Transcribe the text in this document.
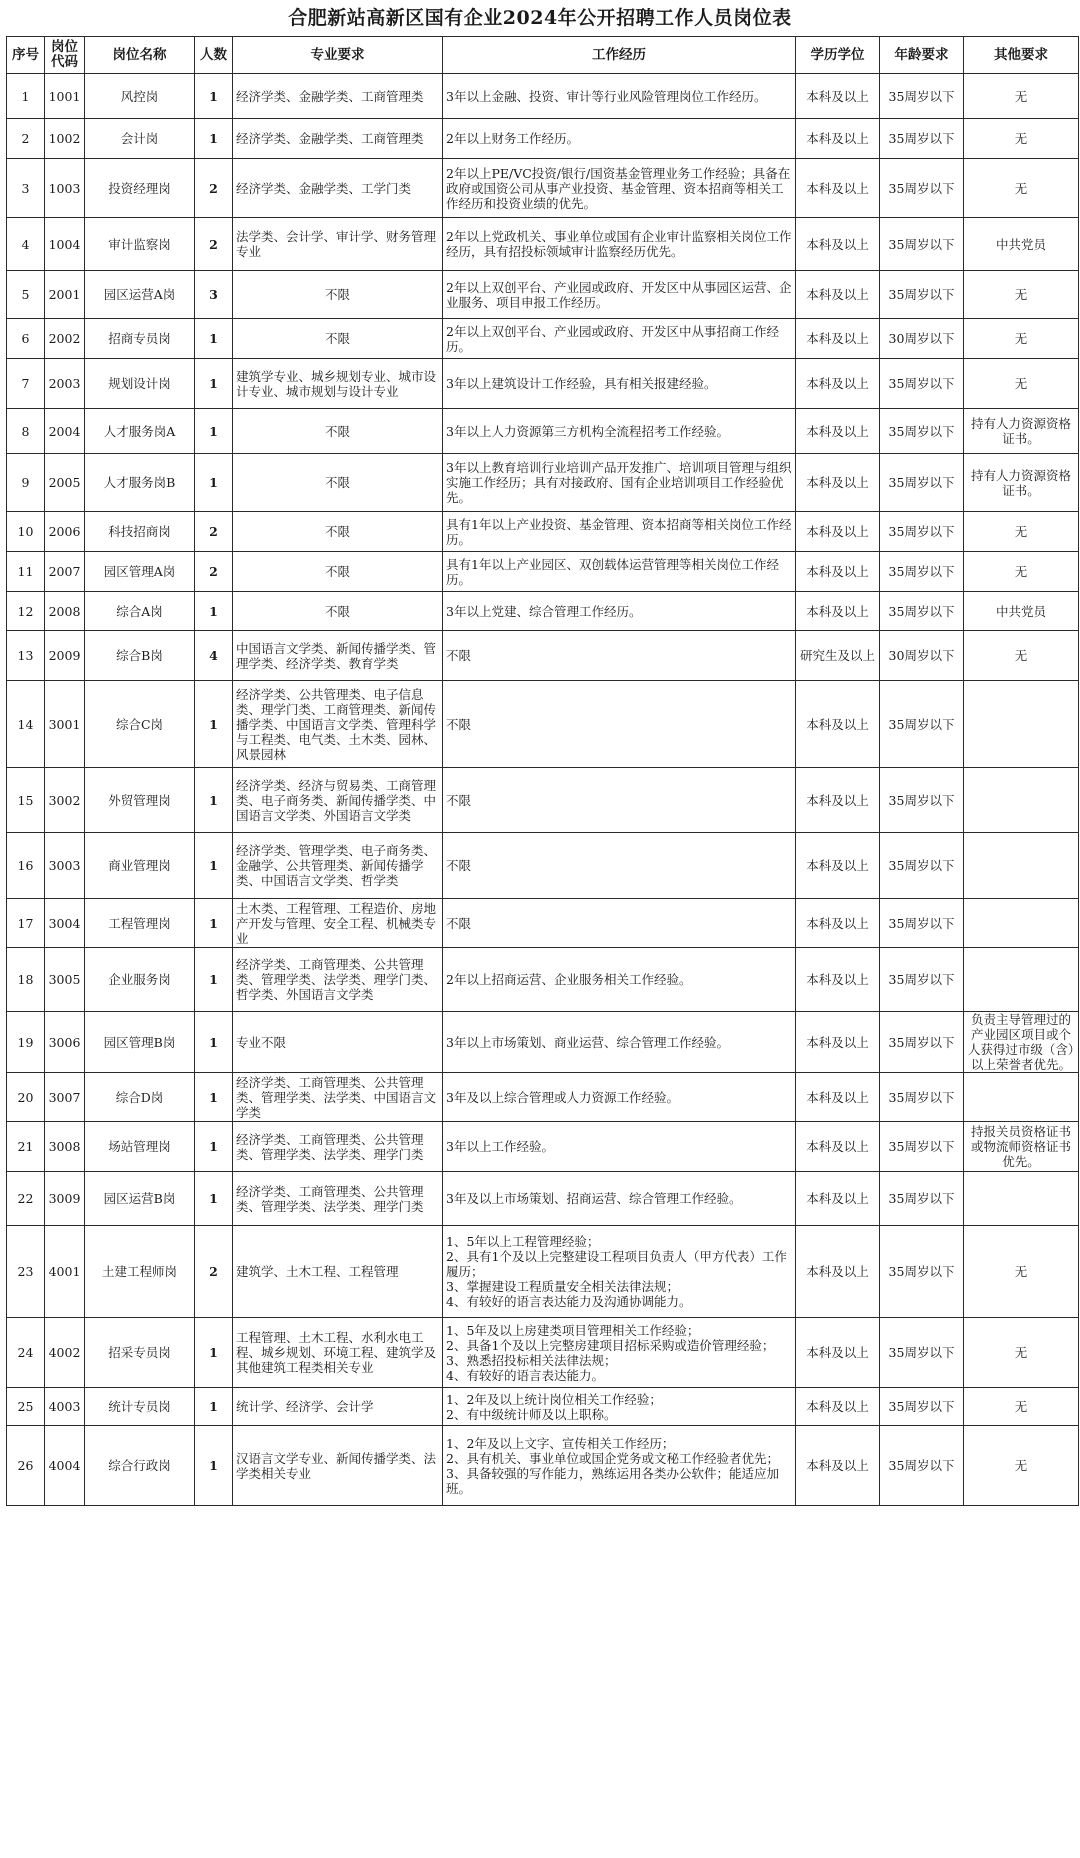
合肥新站高新区国有企业2024年公开招聘工作人员岗位表
序号	岗位代码	岗位名称	人数	专业要求	工作经历	学历学位	年龄要求	其他要求
1	1001	风控岗	1	经济学类、金融学类、工商管理类	3年以上金融、投资、审计等行业风险管理岗位工作经历。	本科及以上	35周岁以下	无
2	1002	会计岗	1	经济学类、金融学类、工商管理类	2年以上财务工作经历。	本科及以上	35周岁以下	无
3	1003	投资经理岗	2	经济学类、金融学类、工学门类	2年以上PE/VC投资/银行/国资基金管理业务工作经验；具备在政府或国资公司从事产业投资、基金管理、资本招商等相关工作经历和投资业绩的优先。	本科及以上	35周岁以下	无
4	1004	审计监察岗	2	法学类、会计学、审计学、财务管理专业	2年以上党政机关、事业单位或国有企业审计监察相关岗位工作经历，具有招投标领域审计监察经历优先。	本科及以上	35周岁以下	中共党员
5	2001	园区运营A岗	3	不限	2年以上双创平台、产业园或政府、开发区中从事园区运营、企业服务、项目申报工作经历。	本科及以上	35周岁以下	无
6	2002	招商专员岗	1	不限	2年以上双创平台、产业园或政府、开发区中从事招商工作经历。	本科及以上	30周岁以下	无
7	2003	规划设计岗	1	建筑学专业、城乡规划专业、城市设计专业、城市规划与设计专业	3年以上建筑设计工作经验，具有相关报建经验。	本科及以上	35周岁以下	无
8	2004	人才服务岗A	1	不限	3年以上人力资源第三方机构全流程招考工作经验。	本科及以上	35周岁以下	持有人力资源资格证书。
9	2005	人才服务岗B	1	不限	3年以上教育培训行业培训产品开发推广、培训项目管理与组织实施工作经历；具有对接政府、国有企业培训项目工作经验优先。	本科及以上	35周岁以下	持有人力资源资格证书。
10	2006	科技招商岗	2	不限	具有1年以上产业投资、基金管理、资本招商等相关岗位工作经历。	本科及以上	35周岁以下	无
11	2007	园区管理A岗	2	不限	具有1年以上产业园区、双创载体运营管理等相关岗位工作经历。	本科及以上	35周岁以下	无
12	2008	综合A岗	1	不限	3年以上党建、综合管理工作经历。	本科及以上	35周岁以下	中共党员
13	2009	综合B岗	4	中国语言文学类、新闻传播学类、管理学类、经济学类、教育学类	不限	研究生及以上	30周岁以下	无
14	3001	综合C岗	1	经济学类、公共管理类、电子信息类、理学门类、工商管理类、新闻传播学类、中国语言文学类、管理科学与工程类、电气类、土木类、园林、风景园林	不限	本科及以上	35周岁以下	
15	3002	外贸管理岗	1	经济学类、经济与贸易类、工商管理类、电子商务类、新闻传播学类、中国语言文学类、外国语言文学类	不限	本科及以上	35周岁以下	
16	3003	商业管理岗	1	经济学类、管理学类、电子商务类、金融学、公共管理类、新闻传播学类、中国语言文学类、哲学类	不限	本科及以上	35周岁以下	
17	3004	工程管理岗	1	土木类、工程管理、工程造价、房地产开发与管理、安全工程、机械类专业	不限	本科及以上	35周岁以下	
18	3005	企业服务岗	1	经济学类、工商管理类、公共管理类、管理学类、法学类、理学门类、哲学类、外国语言文学类	2年以上招商运营、企业服务相关工作经验。	本科及以上	35周岁以下	
19	3006	园区管理B岗	1	专业不限	3年以上市场策划、商业运营、综合管理工作经验。	本科及以上	35周岁以下	负责主导管理过的产业园区项目或个人获得过市级（含）以上荣誉者优先。
20	3007	综合D岗	1	经济学类、工商管理类、公共管理类、管理学类、法学类、中国语言文学类	3年及以上综合管理或人力资源工作经验。	本科及以上	35周岁以下	
21	3008	场站管理岗	1	经济学类、工商管理类、公共管理类、管理学类、法学类、理学门类	3年以上工作经验。	本科及以上	35周岁以下	持报关员资格证书或物流师资格证书优先。
22	3009	园区运营B岗	1	经济学类、工商管理类、公共管理类、管理学类、法学类、理学门类	3年及以上市场策划、招商运营、综合管理工作经验。	本科及以上	35周岁以下	
23	4001	土建工程师岗	2	建筑学、土木工程、工程管理	1、5年以上工程管理经验；
2、具有1个及以上完整建设工程项目负责人（甲方代表）工作履历；
3、掌握建设工程质量安全相关法律法规；
4、有较好的语言表达能力及沟通协调能力。	本科及以上	35周岁以下	无
24	4002	招采专员岗	1	工程管理、土木工程、水利水电工程、城乡规划、环境工程、建筑学及其他建筑工程类相关专业	1、5年及以上房建类项目管理相关工作经验；
2、具备1个及以上完整房建项目招标采购或造价管理经验；
3、熟悉招投标相关法律法规；
4、有较好的语言表达能力。	本科及以上	35周岁以下	无
25	4003	统计专员岗	1	统计学、经济学、会计学	1、2年及以上统计岗位相关工作经验；
2、有中级统计师及以上职称。	本科及以上	35周岁以下	无
26	4004	综合行政岗	1	汉语言文学专业、新闻传播学类、法学类相关专业	1、2年及以上文字、宣传相关工作经历；
2、具有机关、事业单位或国企党务或文秘工作经验者优先；
3、具备较强的写作能力，熟练运用各类办公软件；能适应加班。	本科及以上	35周岁以下	无
